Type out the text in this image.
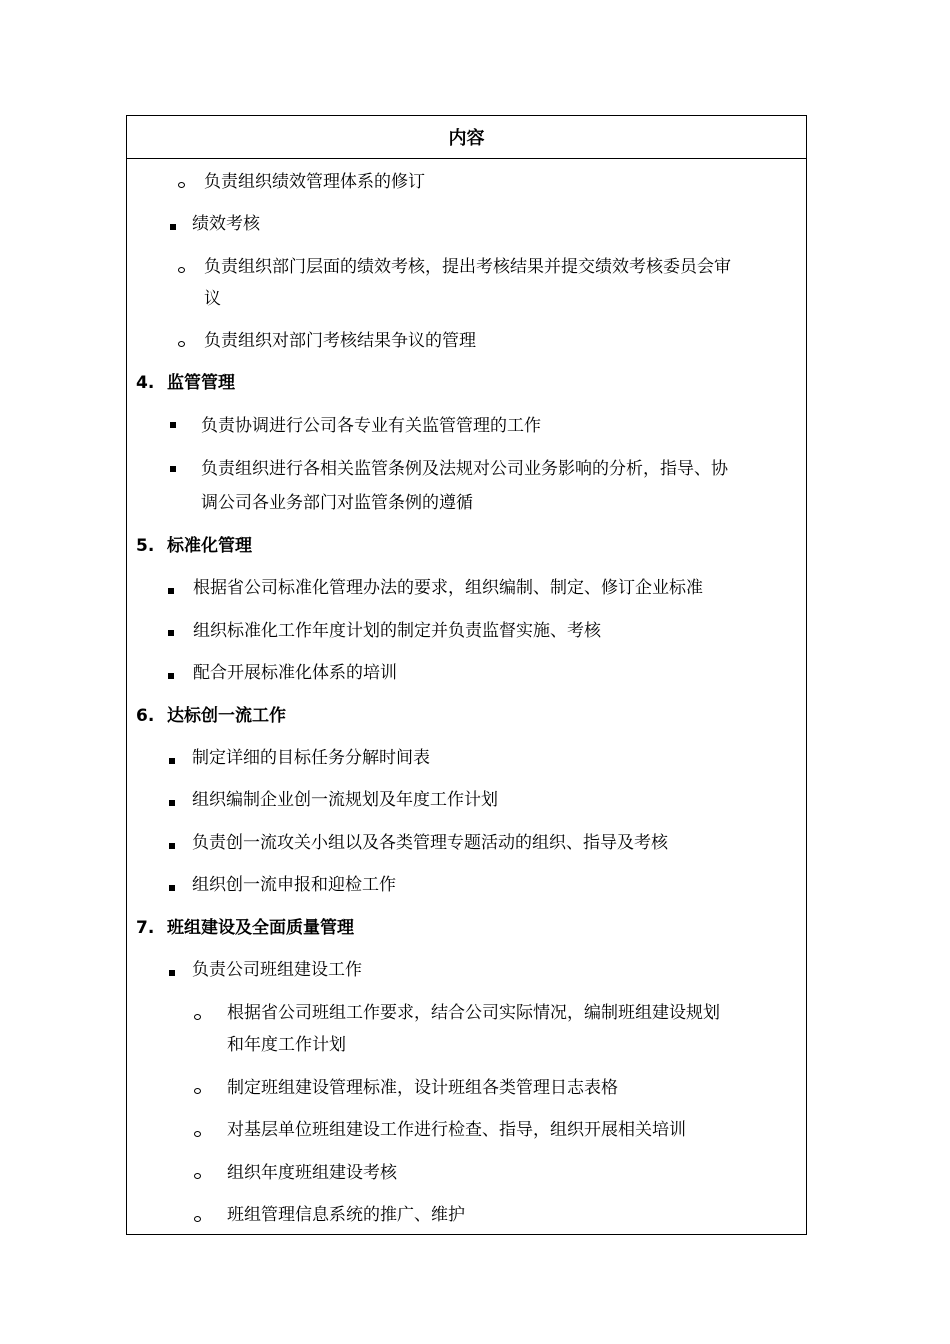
内容
负责组织绩效管理体系的修订
绩效考核
负责组织部门层面的绩效考核，提出考核结果并提交绩效考核委员会审
议
负责组织对部门考核结果争议的管理
4. 监管管理
负责协调进行公司各专业有关监管管理的工作
负责组织进行各相关监管条例及法规对公司业务影响的分析，指导、协
调公司各业务部门对监管条例的遵循
5. 标准化管理
根据省公司标准化管理办法的要求，组织编制、制定、修订企业标准
组织标准化工作年度计划的制定并负责监督实施、考核
配合开展标准化体系的培训
6. 达标创一流工作
制定详细的目标任务分解时间表
组织编制企业创一流规划及年度工作计划
负责创一流攻关小组以及各类管理专题活动的组织、指导及考核
组织创一流申报和迎检工作
7. 班组建设及全面质量管理
负责公司班组建设工作
根据省公司班组工作要求，结合公司实际情况，编制班组建设规划
和年度工作计划
制定班组建设管理标准，设计班组各类管理日志表格
对基层单位班组建设工作进行检查、指导，组织开展相关培训
组织年度班组建设考核
班组管理信息系统的推广、维护
